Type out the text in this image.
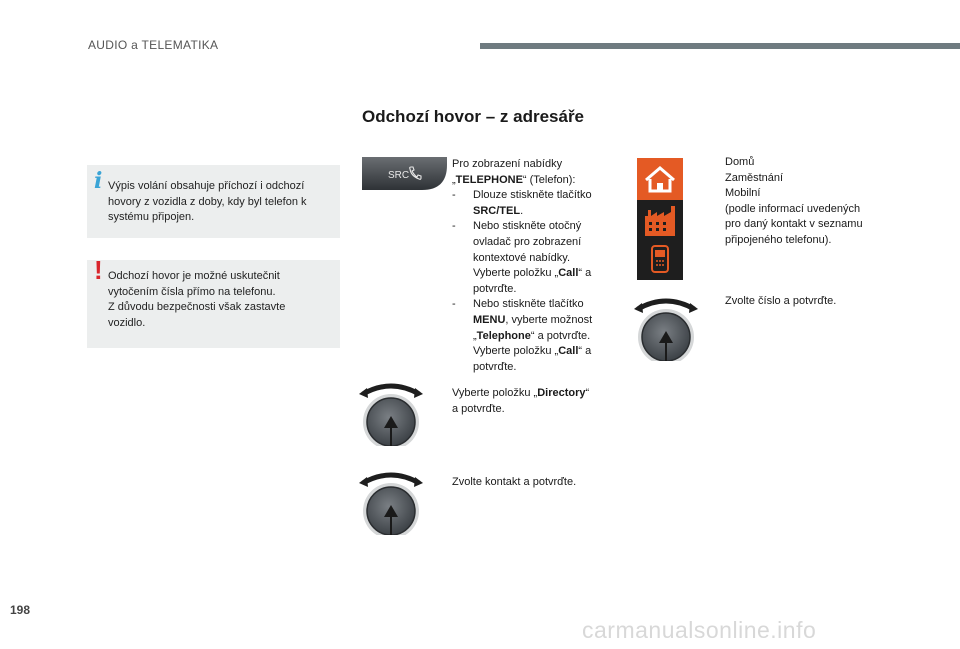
AUDIO a TELEMATIKA
Odchozí hovor – z adresáře
i Výpis volání obsahuje příchozí i odchozí
hovory z vozidla z doby, kdy byl telefon k
systému připojen.
! Odchozí hovor je možné uskutečnit
vytočením čísla přímo na telefonu.
Z důvodu bezpečnosti však zastavte
vozidlo.
SRC
Pro zobrazení nabídky
„TELEPHONE“ (Telefon):
- Dlouze stiskněte tlačítko
SRC/TEL.
- Nebo stiskněte otočný
ovladač pro zobrazení
kontextové nabídky.
Vyberte položku „Call“ a
potvrďte.
- Nebo stiskněte tlačítko
MENU, vyberte možnost
„Telephone“ a potvrďte.
Vyberte položku „Call“ a
potvrďte.
Vyberte položku „Directory“
a potvrďte.
Zvolte kontakt a potvrďte.
Domů
Zaměstnání
Mobilní
(podle informací uvedených
pro daný kontakt v seznamu
připojeného telefonu).
Zvolte číslo a potvrďte.
198
carmanualsonline.info
